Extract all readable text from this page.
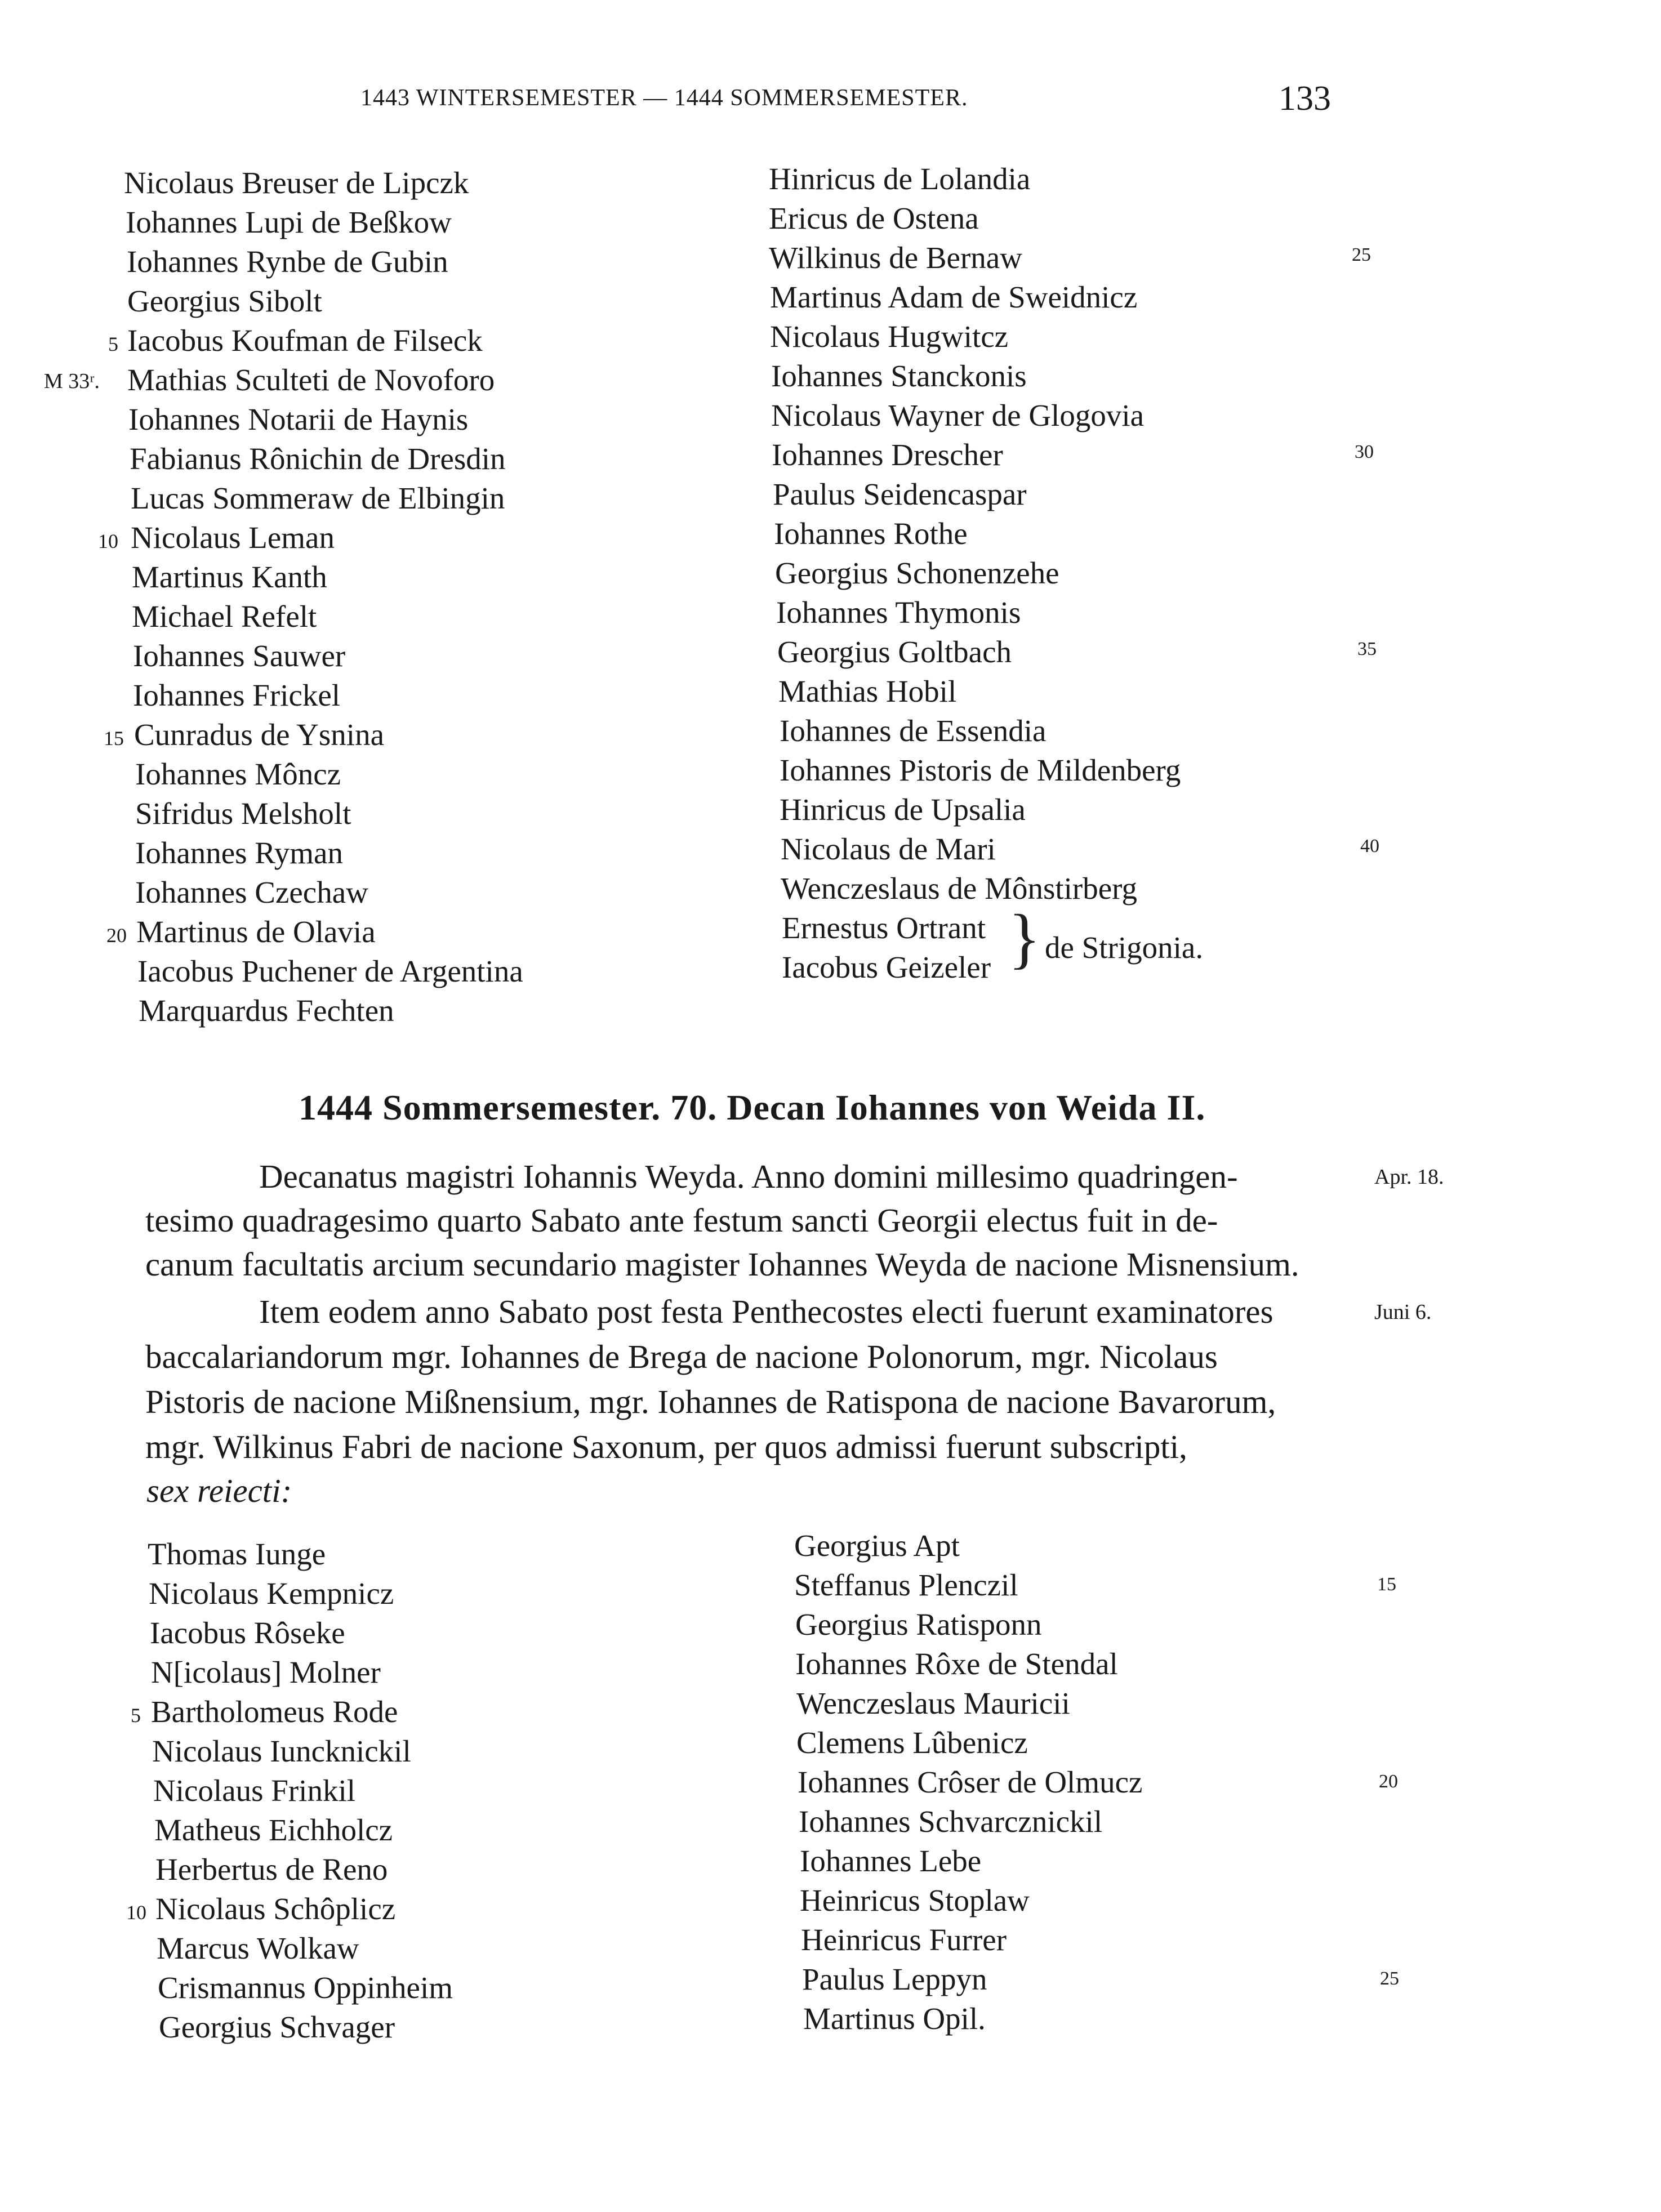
1443 WINTERSEMESTER — 1444 SOMMERSEMESTER.	133
Nicolaus Breuser de Lipczk
Iohannes Lupi de Beßkow
Iohannes Rynbe de Gubin
Georgius Sibolt
Iacobus Koufman de Filseck
Mathias Sculteti de Novoforo
Iohannes Notarii de Haynis
Fabianus Rônichin de Dresdin
Lucas Sommeraw de Elbingin
Nicolaus Leman
Martinus Kanth
Michael Refelt
Iohannes Sauwer
Iohannes Frickel
Cunradus de Ysnina
Iohannes Môncz
Sifridus Melsholt
Iohannes Ryman
Iohannes Czechaw
Martinus de Olavia
Iacobus Puchener de Argentina
Marquardus Fechten
5
10
15
20
M 33ʳ.
Hinricus de Lolandia
Ericus de Ostena
Wilkinus de Bernaw
Martinus Adam de Sweidnicz
Nicolaus Hugwitcz
Iohannes Stanckonis
Nicolaus Wayner de Glogovia
Iohannes Drescher
Paulus Seidencaspar
Iohannes Rothe
Georgius Schonenzehe
Iohannes Thymonis
Georgius Goltbach
Mathias Hobil
Iohannes de Essendia
Iohannes Pistoris de Mildenberg
Hinricus de Upsalia
Nicolaus de Mari
Wenczeslaus de Mônstirberg
Ernestus Ortrant
Iacobus Geizeler } de Strigonia.
25
30
35
40
1444 Sommersemester. 70. Decan Iohannes von Weida II.
Decanatus magistri Iohannis Weyda. Anno domini millesimo quadringen-
tesimo quadragesimo quarto Sabato ante festum sancti Georgii electus fuit in de-
canum facultatis arcium secundario magister Iohannes Weyda de nacione Misnensium.
Item eodem anno Sabato post festa Penthecostes electi fuerunt examinatores
baccalariandorum mgr. Iohannes de Brega de nacione Polonorum, mgr. Nicolaus
Pistoris de nacione Mißnensium, mgr. Iohannes de Ratispona de nacione Bavarorum,
mgr. Wilkinus Fabri de nacione Saxonum, per quos admissi fuerunt subscripti,
sex reiecti:
Apr. 18.
Juni 6.
Thomas Iunge
Nicolaus Kempnicz
Iacobus Rôseke
N[icolaus] Molner
Bartholomeus Rode
Nicolaus Iuncknickil
Nicolaus Frinkil
Matheus Eichholcz
Herbertus de Reno
Nicolaus Schôplicz
Marcus Wolkaw
Crismannus Oppinheim
Georgius Schvager
5
10
Georgius Apt
Steffanus Plenczil
Georgius Ratisponn
Iohannes Rôxe de Stendal
Wenczeslaus Mauricii
Clemens Lûbenicz
Iohannes Crôser de Olmucz
Iohannes Schvarcznickil
Iohannes Lebe
Heinricus Stoplaw
Heinricus Furrer
Paulus Leppyn
Martinus Opil.
15
20
25
